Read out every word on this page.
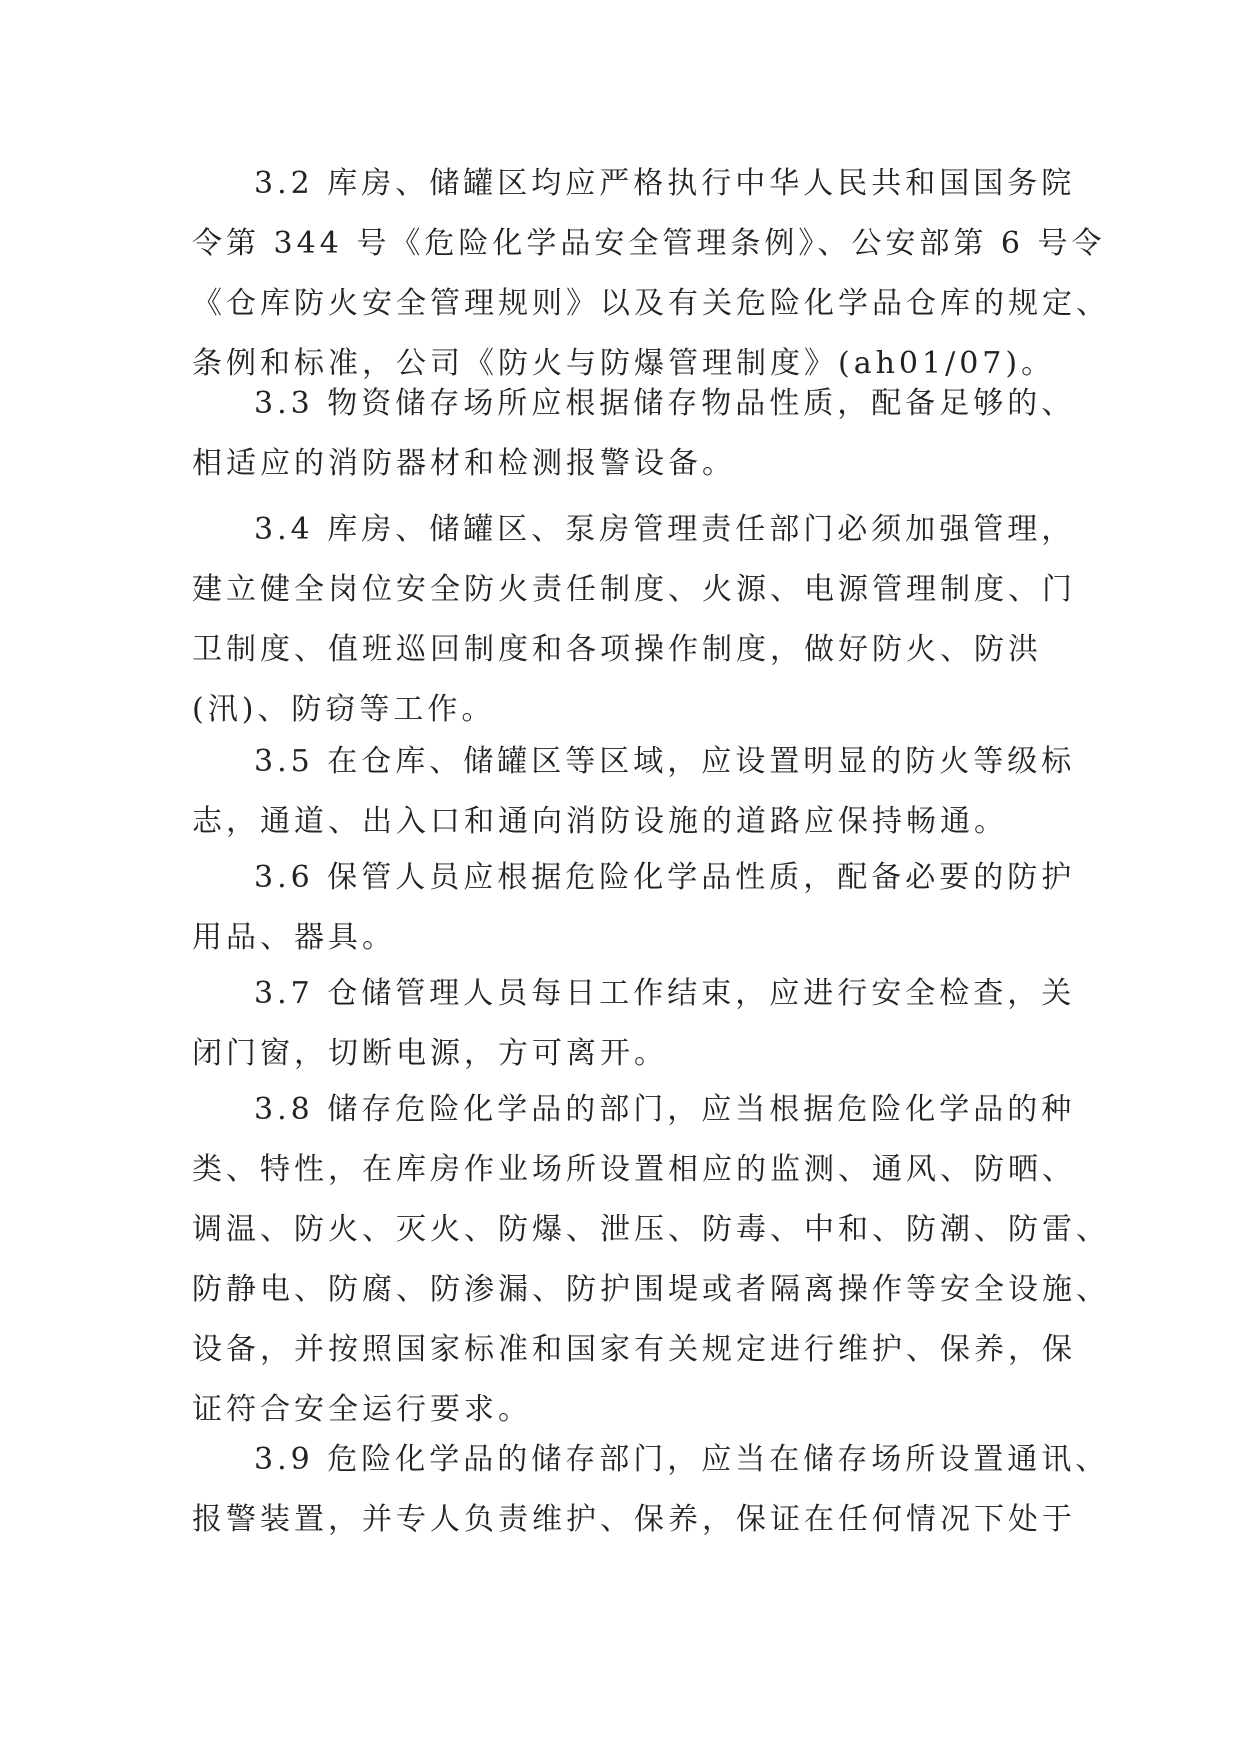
3.2 库房、储罐区均应严格执行中华人民共和国国务院
令第 344 号《危险化学品安全管理条例》、公安部第 6 号令
《仓库防火安全管理规则》以及有关危险化学品仓库的规定、
条例和标准，公司《防火与防爆管理制度》(ah01/07)。
3.3 物资储存场所应根据储存物品性质，配备足够的、
相适应的消防器材和检测报警设备。
3.4 库房、储罐区、泵房管理责任部门必须加强管理，
建立健全岗位安全防火责任制度、火源、电源管理制度、门
卫制度、值班巡回制度和各项操作制度，做好防火、防洪
(汛)、防窃等工作。
3.5 在仓库、储罐区等区域，应设置明显的防火等级标
志，通道、出入口和通向消防设施的道路应保持畅通。
3.6 保管人员应根据危险化学品性质，配备必要的防护
用品、器具。
3.7 仓储管理人员每日工作结束，应进行安全检查，关
闭门窗，切断电源，方可离开。
3.8 储存危险化学品的部门，应当根据危险化学品的种
类、特性，在库房作业场所设置相应的监测、通风、防晒、
调温、防火、灭火、防爆、泄压、防毒、中和、防潮、防雷、
防静电、防腐、防渗漏、防护围堤或者隔离操作等安全设施、
设备，并按照国家标准和国家有关规定进行维护、保养，保
证符合安全运行要求。
3.9 危险化学品的储存部门，应当在储存场所设置通讯、
报警装置，并专人负责维护、保养，保证在任何情况下处于
